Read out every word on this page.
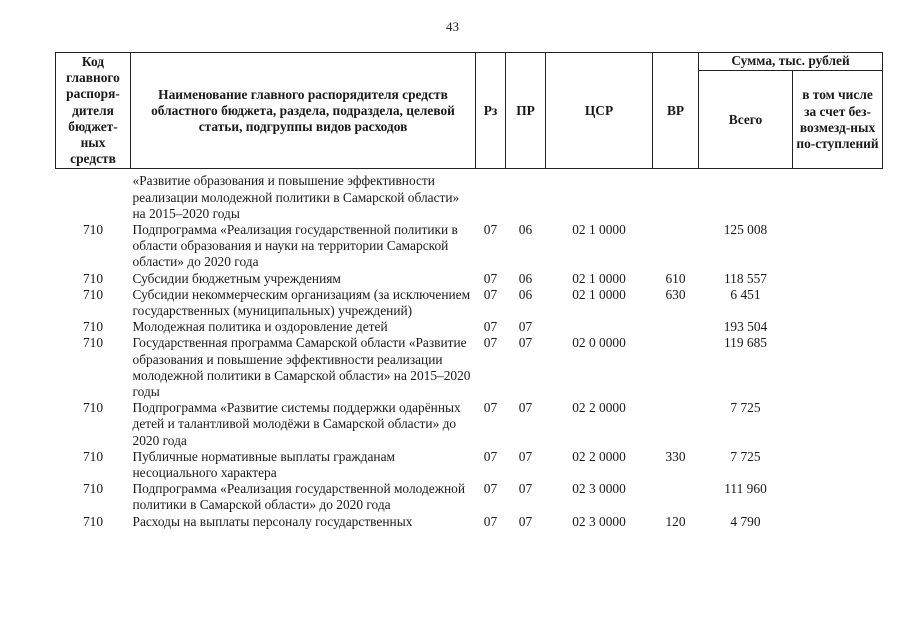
43
Код главного распоря-дителя бюджет-ных средств	Наименование главного распорядителя средств областного бюджета, раздела, подраздела, целевой статьи, подгруппы видов расходов	Рз	ПР	ЦСР	ВР	Сумма, тыс. рублей	
						Всего	в том числе за счет без-возмезд-ных по-ступлений
	«Развитие образования и повышение эффективности реализации молодежной политики в Самарской области» на 2015–2020 годы						
710	Подпрограмма «Реализация государственной политики в области образования и науки на территории Самарской области» до 2020 года	07	06	02 1 0000		125 008	
710	Субсидии бюджетным учреждениям	07	06	02 1 0000	610	118 557	
710	Субсидии некоммерческим организациям (за исключением государственных (муниципальных) учреждений)	07	06	02 1 0000	630	6 451	
710	Молодежная политика и оздоровление детей	07	07			193 504	
710	Государственная программа Самарской области «Развитие образования и повышение эффективности реализации молодежной политики в Самарской области» на 2015–2020 годы	07	07	02 0 0000		119 685	
710	Подпрограмма «Развитие системы поддержки одарённых детей и талантливой молодёжи в Самарской области» до 2020 года	07	07	02 2 0000		7 725	
710	Публичные нормативные выплаты гражданам несоциального характера	07	07	02 2 0000	330	7 725	
710	Подпрограмма «Реализация государственной молодежной политики в Самарской области» до 2020 года	07	07	02 3 0000		111 960	
710	Расходы на выплаты персоналу государственных	07	07	02 3 0000	120	4 790	
